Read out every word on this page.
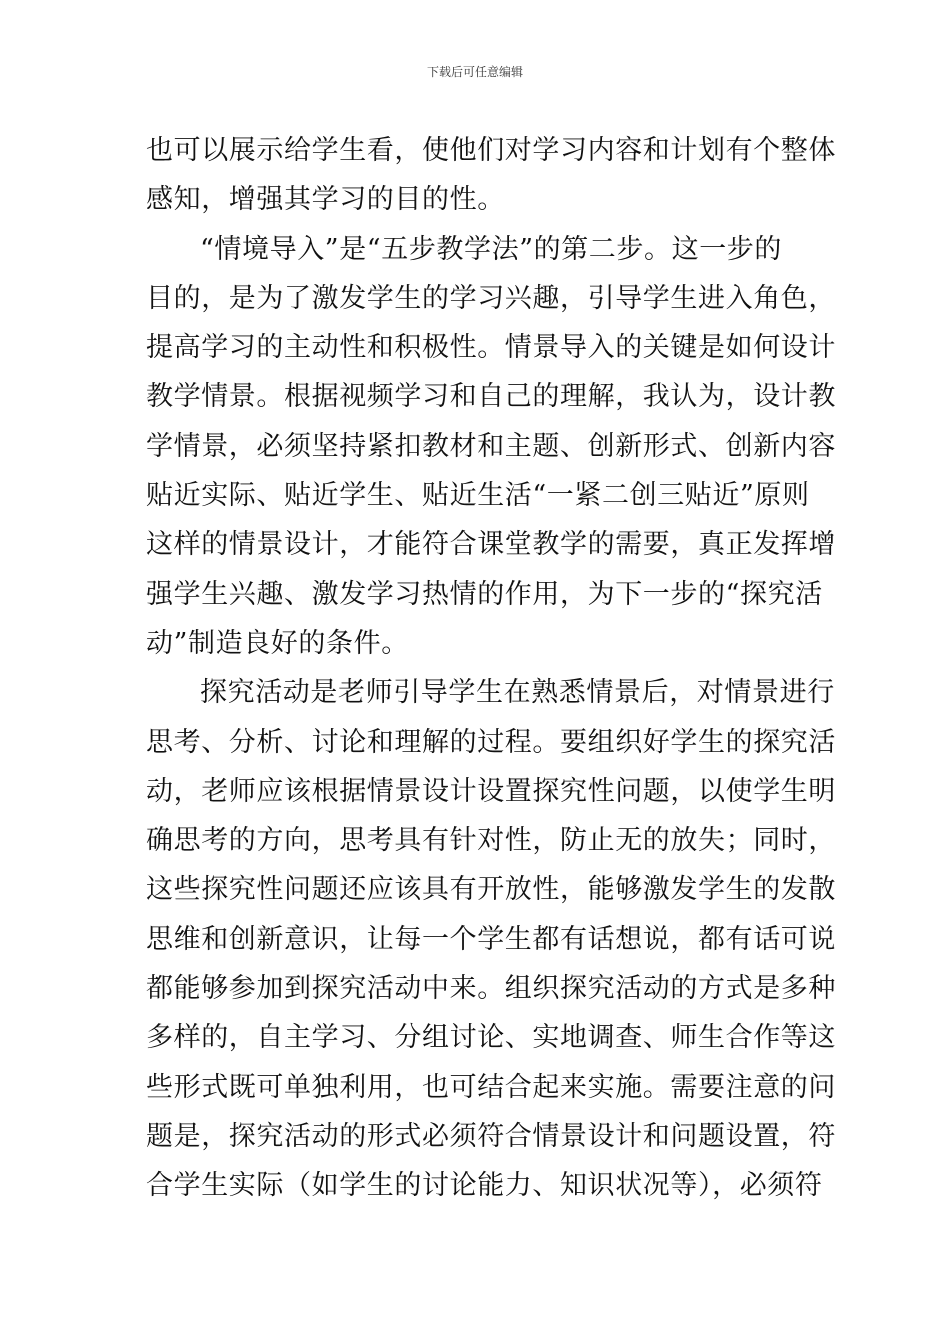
下载后可任意编辑
也可以展示给学生看，使他们对学习内容和计划有个整体
感知，增强其学习的目的性。
“情境导入”是“五步教学法”的第二步。这一步的
目的，是为了激发学生的学习兴趣，引导学生进入角色，
提高学习的主动性和积极性。情景导入的关键是如何设计
教学情景。根据视频学习和自己的理解，我认为，设计教
学情景，必须坚持紧扣教材和主题、创新形式、创新内容
贴近实际、贴近学生、贴近生活“一紧二创三贴近”原则
这样的情景设计，才能符合课堂教学的需要，真正发挥增
强学生兴趣、激发学习热情的作用，为下一步的“探究活
动”制造良好的条件。
探究活动是老师引导学生在熟悉情景后，对情景进行
思考、分析、讨论和理解的过程。要组织好学生的探究活
动，老师应该根据情景设计设置探究性问题，以使学生明
确思考的方向，思考具有针对性，防止无的放失；同时，
这些探究性问题还应该具有开放性，能够激发学生的发散
思维和创新意识，让每一个学生都有话想说，都有话可说
都能够参加到探究活动中来。组织探究活动的方式是多种
多样的，自主学习、分组讨论、实地调查、师生合作等这
些形式既可单独利用，也可结合起来实施。需要注意的问
题是，探究活动的形式必须符合情景设计和问题设置，符
合学生实际（如学生的讨论能力、知识状况等），必须符
